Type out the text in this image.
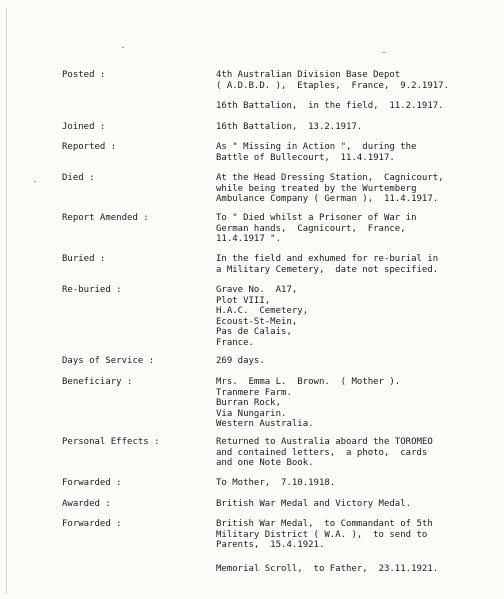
Posted :	4th Australian Division Base Depot
( A.D.B.D. ),  Etaples,  France,  9.2.1917.
16th Battalion,  in the field,  11.2.1917.
Joined :	16th Battalion,  13.2.1917.
Reported :	As " Missing in Action ",  during the
Battle of Bullecourt,  11.4.1917.
Died :	At the Head Dressing Station,  Cagnicourt,
while being treated by the Wurtemberg
Ambulance Company ( German ),  11.4.1917.
Report Amended :	To " Died whilst a Prisoner of War in
German hands,  Cagnicourt,  France,
11.4.1917 ".
Buried :	In the field and exhumed for re-burial in
a Military Cemetery,  date not specified.
Re-buried :	Grave No.  A17,
Plot VIII,
H.A.C.  Cemetery,
Ecoust-St-Mein,
Pas de Calais,
France.
Days of Service :	269 days.
Beneficiary :	Mrs.  Emma L.  Brown.  ( Mother ).
Tranmere Farm.
Burran Rock,
Via Nungarin.
Western Australia.
Personal Effects :	Returned to Australia aboard the TOROMEO
and contained letters,  a photo,  cards
and one Note Book.
Forwarded :	To Mother,  7.10.1918.
Awarded :	British War Medal and Victory Medal.
Forwarded :	British War Medal,  to Commandant of 5th
Military District ( W.A. ),  to send to
Parents,  15.4.1921.
Memorial Scroll,  to Father,  23.11.1921.
